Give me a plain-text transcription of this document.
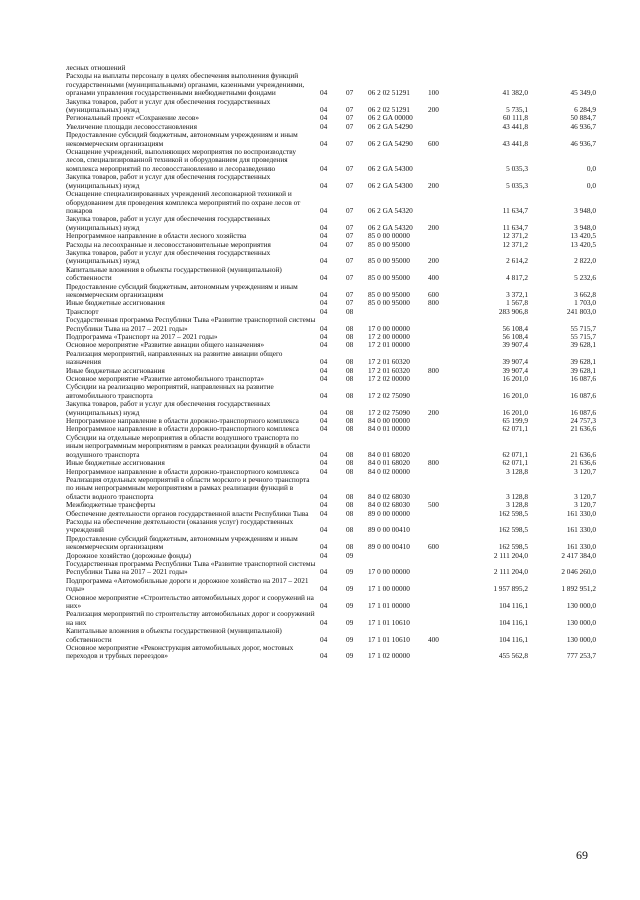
лесных отношений						
Расходы на выплаты персоналу в целях обеспечения выполнения функций государственными (муниципальными) органами, казенными учреждениями, органами управления государственными внебюджетными фондами	04	07	06 2 02 51291	100	41 382,0	45 349,0
Закупка товаров, работ и услуг для обеспечения государственных (муниципальных) нужд	04	07	06 2 02 51291	200	5 735,1	6 284,9
Региональный проект «Сохранение лесов»	04	07	06 2 GA 00000		60 111,8	50 884,7
Увеличение площади лесовосстановления	04	07	06 2 GA 54290		43 441,8	46 936,7
Предоставление субсидий бюджетным, автономным учреждениям и иным некоммерческим организациям	04	07	06 2 GA 54290	600	43 441,8	46 936,7
Оснащение учреждений, выполняющих мероприятия по воспроизводству лесов, специализированной техникой и оборудованием для проведения комплекса мероприятий по лесовосстановлению и лесоразведению	04	07	06 2 GA 54300		5 035,3	0,0
Закупка товаров, работ и услуг для обеспечения государственных (муниципальных) нужд	04	07	06 2 GA 54300	200	5 035,3	0,0
Оснащение специализированных учреждений лесопожарной техникой и оборудованием для проведения комплекса мероприятий по охране лесов от пожаров	04	07	06 2 GA 54320		11 634,7	3 948,0
Закупка товаров, работ и услуг для обеспечения государственных (муниципальных) нужд	04	07	06 2 GA 54320	200	11 634,7	3 948,0
Непрограммное направление в области лесного хозяйства	04	07	85 0 00 00000		12 371,2	13 420,5
Расходы на лесоохранные и лесовосстановительные мероприятия	04	07	85 0 00 95000		12 371,2	13 420,5
Закупка товаров, работ и услуг для обеспечения государственных (муниципальных) нужд	04	07	85 0 00 95000	200	2 614,2	2 822,0
Капитальные вложения в объекты государственной (муниципальной) собственности	04	07	85 0 00 95000	400	4 817,2	5 232,6
Предоставление субсидий бюджетным, автономным учреждениям и иным некоммерческим организациям	04	07	85 0 00 95000	600	3 372,1	3 662,8
Иные бюджетные ассигнования	04	07	85 0 00 95000	800	1 567,8	1 703,0
Транспорт	04	08			283 906,8	241 803,0
Государственная программа Республики Тыва «Развитие транспортной системы Республики Тыва на 2017 – 2021 годы»	04	08	17 0 00 00000		56 108,4	55 715,7
Подпрограмма «Транспорт на 2017 – 2021 годы»	04	08	17 2 00 00000		56 108,4	55 715,7
Основное мероприятие «Развитие авиации общего назначения»	04	08	17 2 01 00000		39 907,4	39 628,1
Реализация мероприятий, направленных на развитие авиации общего назначения	04	08	17 2 01 60320		39 907,4	39 628,1
Иные бюджетные ассигнования	04	08	17 2 01 60320	800	39 907,4	39 628,1
Основное мероприятие «Развитие автомобильного транспорта»	04	08	17 2 02 00000		16 201,0	16 087,6
Субсидии на реализацию мероприятий, направленных на развитие автомобильного транспорта	04	08	17 2 02 75090		16 201,0	16 087,6
Закупка товаров, работ и услуг для обеспечения государственных (муниципальных) нужд	04	08	17 2 02 75090	200	16 201,0	16 087,6
Непрограммное направление в области дорожно-транспортного комплекса	04	08	84 0 00 00000		65 199,9	24 757,3
Непрограммное направление в области дорожно-транспортного комплекса	04	08	84 0 01 00000		62 071,1	21 636,6
Субсидии на отдельные мероприятия в области воздушного транспорта по иным непрограммным мероприятиям в рамках реализации функций в области воздушного транспорта	04	08	84 0 01 68020		62 071,1	21 636,6
Иные бюджетные ассигнования	04	08	84 0 01 68020	800	62 071,1	21 636,6
Непрограммное направление в области дорожно-транспортного комплекса	04	08	84 0 02 00000		3 128,8	3 120,7
Реализация отдельных мероприятий в области морского и речного транспорта по иным непрограммным мероприятиям в рамках реализации функций в области водного транспорта	04	08	84 0 02 68030		3 128,8	3 120,7
Межбюджетные трансферты	04	08	84 0 02 68030	500	3 128,8	3 120,7
Обеспечение деятельности органов государственной власти Республики Тыва	04	08	89 0 00 00000		162 598,5	161 330,0
Расходы на обеспечение деятельности (оказания услуг) государственных учреждений	04	08	89 0 00 00410		162 598,5	161 330,0
Предоставление субсидий бюджетным, автономным учреждениям и иным некоммерческим организациям	04	08	89 0 00 00410	600	162 598,5	161 330,0
Дорожное хозяйство (дорожные фонды)	04	09			2 111 204,0	2 417 384,0
Государственная программа Республики Тыва «Развитие транспортной системы Республики Тыва на 2017 – 2021 годы»	04	09	17 0 00 00000		2 111 204,0	2 046 260,0
Подпрограмма «Автомобильные дороги и дорожное хозяйство на 2017 – 2021 годы»	04	09	17 1 00 00000		1 957 895,2	1 892 951,2
Основное мероприятие «Строительство автомобильных дорог и сооружений на них»	04	09	17 1 01 00000		104 116,1	130 000,0
Реализация мероприятий по строительству автомобильных дорог и сооружений на них	04	09	17 1 01 10610		104 116,1	130 000,0
Капитальные вложения в объекты государственной (муниципальной) собственности	04	09	17 1 01 10610	400	104 116,1	130 000,0
Основное мероприятие «Реконструкция автомобильных дорог, мостовых переходов и трубных переездов»	04	09	17 1 02 00000		455 562,8	777 253,7
69
